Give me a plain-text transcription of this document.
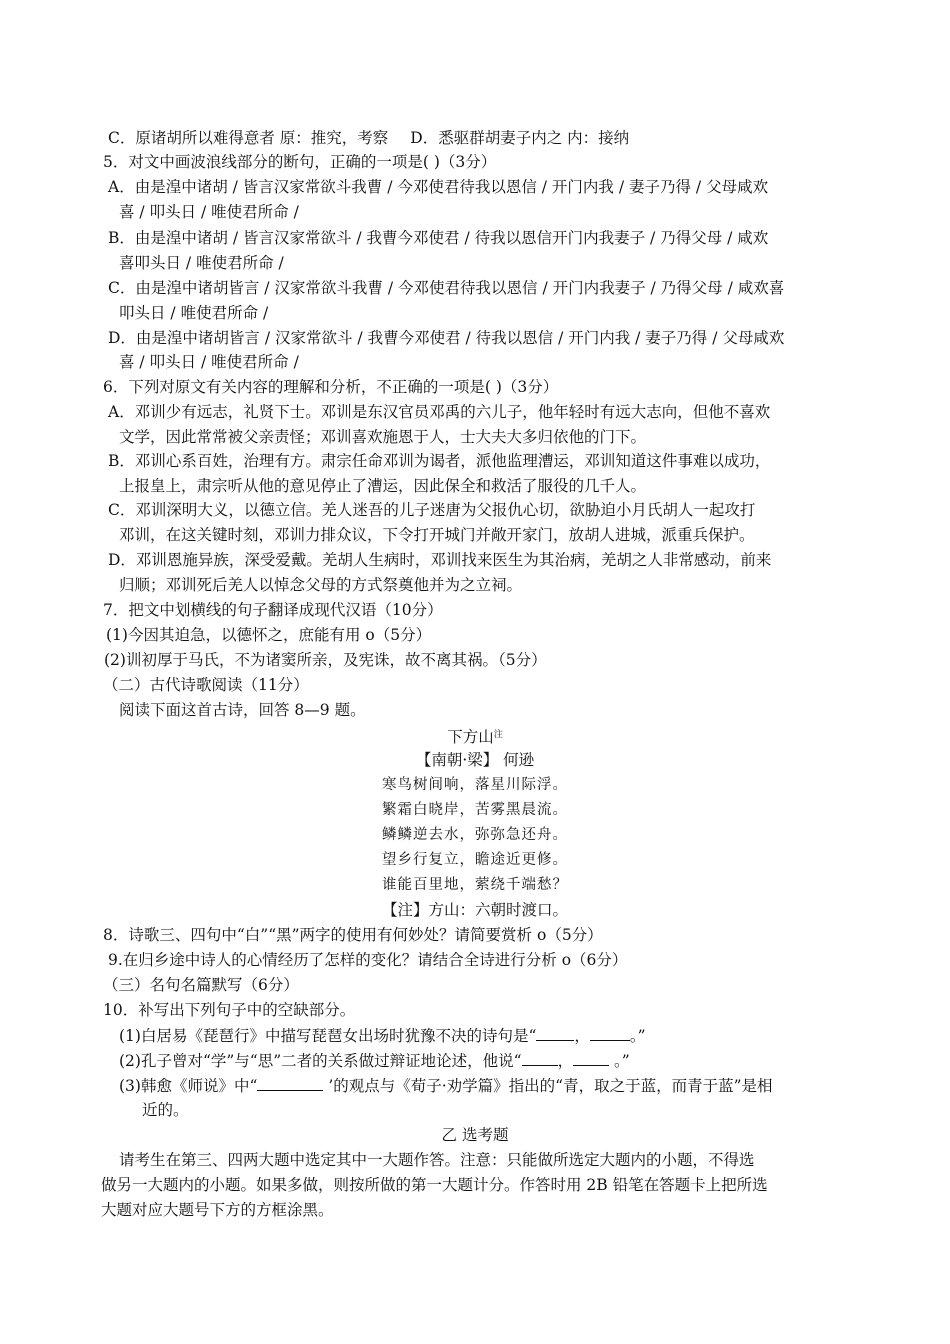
C．原诸胡所以难得意者 原：推究，考察 D．悉驱群胡妻子内之 内：接纳
5．对文中画波浪线部分的断句，正确的一项是( )（3分）
A．由是湟中诸胡 / 皆言汉家常欲斗我曹 / 今邓使君待我以恩信 / 开门内我 / 妻子乃得 / 父母咸欢
喜 / 叩头日 / 唯使君所命 /
B．由是湟中诸胡 / 皆言汉家常欲斗 / 我曹今邓使君 / 待我以恩信开门内我妻子 / 乃得父母 / 咸欢
喜叩头日 / 唯使君所命 /
C．由是湟中诸胡皆言 / 汉家常欲斗我曹 / 今邓使君待我以恩信 / 开门内我妻子 / 乃得父母 / 咸欢喜
叩头日 / 唯使君所命 /
D．由是湟中诸胡皆言 / 汉家常欲斗 / 我曹今邓使君 / 待我以恩信 / 开门内我 / 妻子乃得 / 父母咸欢
喜 / 叩头日 / 唯使君所命 /
6．下列对原文有关内容的理解和分析，不正确的一项是( )（3分）
A．邓训少有远志，礼贤下士。邓训是东汉官员邓禹的六儿子，他年轻时有远大志向，但他不喜欢
文学，因此常常被父亲责怪；邓训喜欢施恩于人，士大夫大多归依他的门下。
B．邓训心系百姓，治理有方。肃宗任命邓训为谒者，派他监理漕运，邓训知道这件事难以成功，
上报皇上，肃宗听从他的意见停止了漕运，因此保全和救活了服役的几千人。
C．邓训深明大义，以德立信。羌人迷吾的儿子迷唐为父报仇心切，欲胁迫小月氏胡人一起攻打
邓训，在这关键时刻，邓训力排众议，下令打开城门并敞开家门，放胡人进城，派重兵保护。
D．邓训恩施异族，深受爱戴。羌胡人生病时，邓训找来医生为其治病，羌胡之人非常感动，前来
归顺；邓训死后羌人以悼念父母的方式祭奠他并为之立祠。
7．把文中划横线的句子翻译成现代汉语（10分）
(1)今因其迫急，以德怀之，庶能有用 o（5分）
(2)训初厚于马氏，不为诸窦所亲，及宪诛，故不离其祸。（5分）
（二）古代诗歌阅读（11分）
阅读下面这首古诗，回答 8—9 题。
下方山$^注$
【南朝·梁】 何逊
寒鸟树间响，落星川际浮。
繁霜白晓岸，苦雾黑晨流。
鳞鳞逆去水，弥弥急还舟。
望乡行复立，瞻途近更修。
谁能百里地，萦绕千端愁？
【注】方山：六朝时渡口。
8．诗歌三、四句中“白”“黑”两字的使用有何妙处？请简要赏析 o（5分）
9.在归乡途中诗人的心情经历了怎样的变化？请结合全诗进行分析 o（6分）
（三）名句名篇默写（6分）
10．补写出下列句子中的空缺部分。
(1)白居易《琵琶行》中描写琵琶女出场时犹豫不决的诗句是“ ，	。”
(2)孔子曾对“学”与“思”二者的关系做过辩证地论述，他说“ ， 。”
(3)韩愈《师说》中“	’的观点与《荀子·劝学篇》指出的“青，取之于蓝，而青于蓝”是相
近的。
乙 选考题
请考生在第三、四两大题中选定其中一大题作答。注意：只能做所选定大题内的小题，不得选
做另一大题内的小题。如果多做，则按所做的第一大题计分。作答时用 2B 铅笔在答题卡上把所选
大题对应大题号下方的方框涂黑。
